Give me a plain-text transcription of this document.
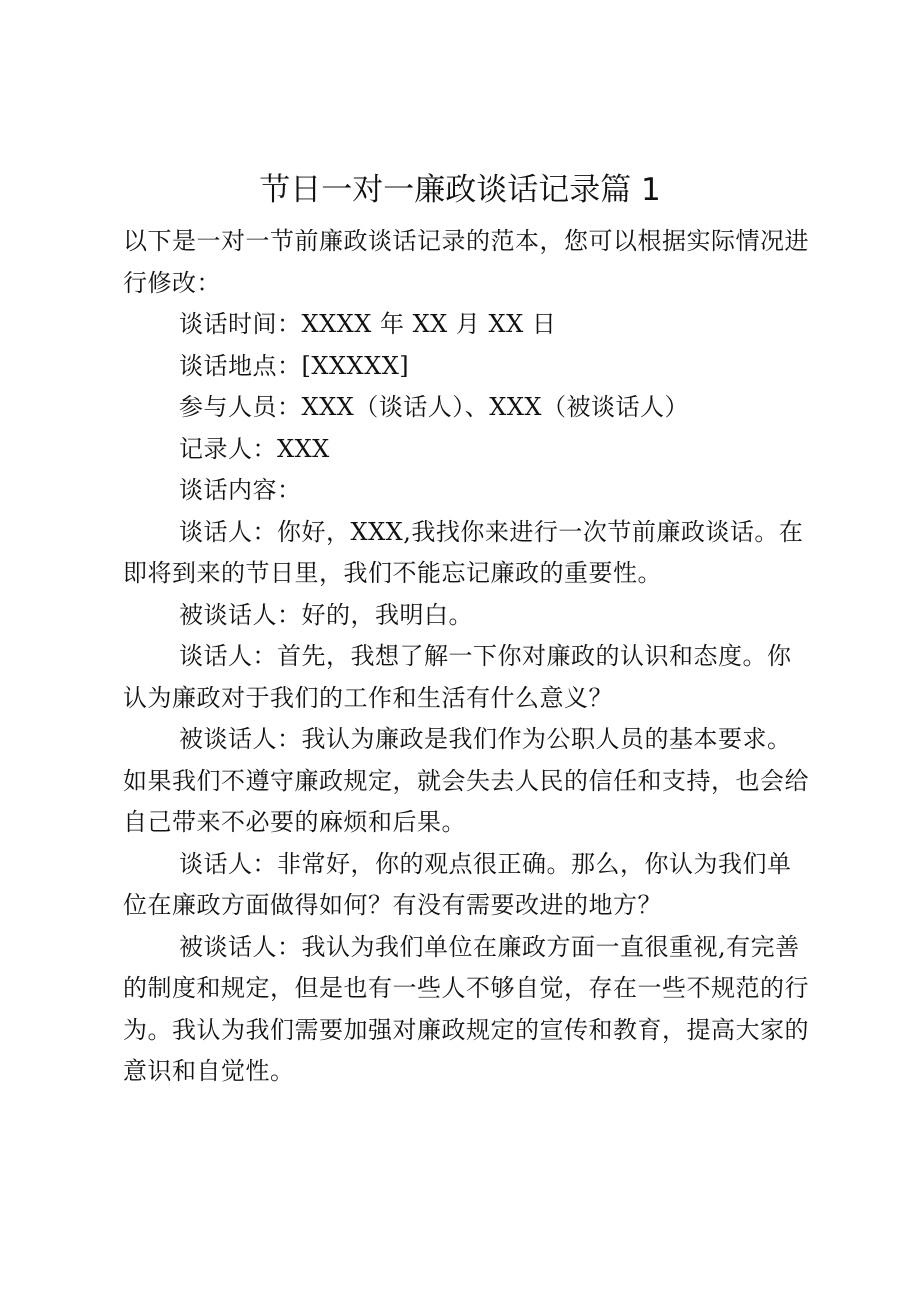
节日一对一廉政谈话记录篇 1
以下是一对一节前廉政谈话记录的范本，您可以根据实际情况进
行修改：
谈话时间：XXXX 年 XX 月 XX 日
谈话地点：[XXXXX]
参与人员：XXX（谈话人）、XXX（被谈话人）
记录人：XXX
谈话内容：
谈话人：你好，XXX,我找你来进行一次节前廉政谈话。在
即将到来的节日里，我们不能忘记廉政的重要性。
被谈话人：好的，我明白。
谈话人：首先，我想了解一下你对廉政的认识和态度。你
认为廉政对于我们的工作和生活有什么意义？
被谈话人：我认为廉政是我们作为公职人员的基本要求。
如果我们不遵守廉政规定，就会失去人民的信任和支持，也会给
自己带来不必要的麻烦和后果。
谈话人：非常好，你的观点很正确。那么，你认为我们单
位在廉政方面做得如何？有没有需要改进的地方？
被谈话人：我认为我们单位在廉政方面一直很重视,有完善
的制度和规定，但是也有一些人不够自觉，存在一些不规范的行
为。我认为我们需要加强对廉政规定的宣传和教育，提高大家的
意识和自觉性。
